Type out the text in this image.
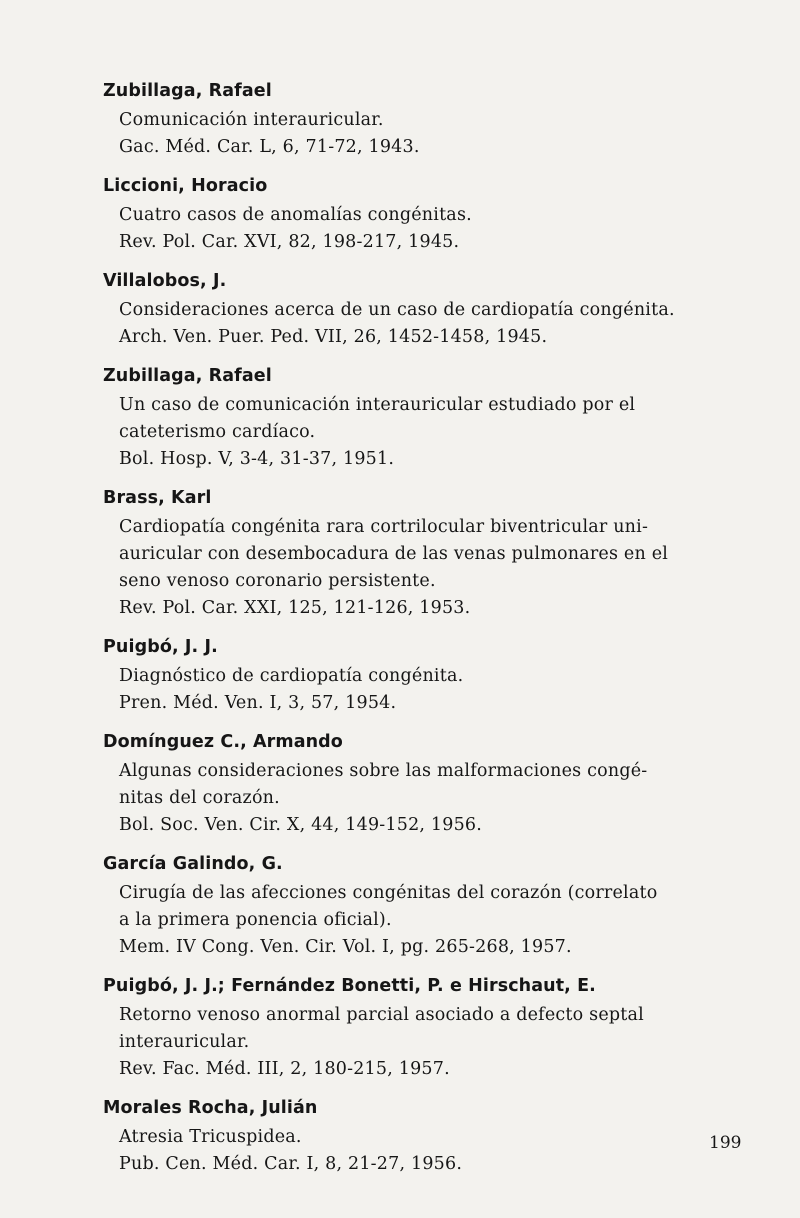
Zubillaga, Rafael
Comunicación interauricular.
Gac. Méd. Car. L, 6, 71-72, 1943.
Liccioni, Horacio
Cuatro casos de anomalías congénitas.
Rev. Pol. Car. XVI, 82, 198-217, 1945.
Villalobos, J.
Consideraciones acerca de un caso de cardiopatía congénita.
Arch. Ven. Puer. Ped. VII, 26, 1452-1458, 1945.
Zubillaga, Rafael
Un caso de comunicación interauricular estudiado por el
cateterismo cardíaco.
Bol. Hosp. V, 3-4, 31-37, 1951.
Brass, Karl
Cardiopatía congénita rara cortrilocular biventricular uni-
auricular con desembocadura de las venas pulmonares en el
seno venoso coronario persistente.
Rev. Pol. Car. XXI, 125, 121-126, 1953.
Puigbó, J. J.
Diagnóstico de cardiopatía congénita.
Pren. Méd. Ven. I, 3, 57, 1954.
Domínguez C., Armando
Algunas consideraciones sobre las malformaciones congé-
nitas del corazón.
Bol. Soc. Ven. Cir. X, 44, 149-152, 1956.
García Galindo, G.
Cirugía de las afecciones congénitas del corazón (correlato
a la primera ponencia oficial).
Mem. IV Cong. Ven. Cir. Vol. I, pg. 265-268, 1957.
Puigbó, J. J.; Fernández Bonetti, P. e Hirschaut, E.
Retorno venoso anormal parcial asociado a defecto septal
interauricular.
Rev. Fac. Méd. III, 2, 180-215, 1957.
Morales Rocha, Julián
Atresia Tricuspidea.
Pub. Cen. Méd. Car. I, 8, 21-27, 1956.
199
